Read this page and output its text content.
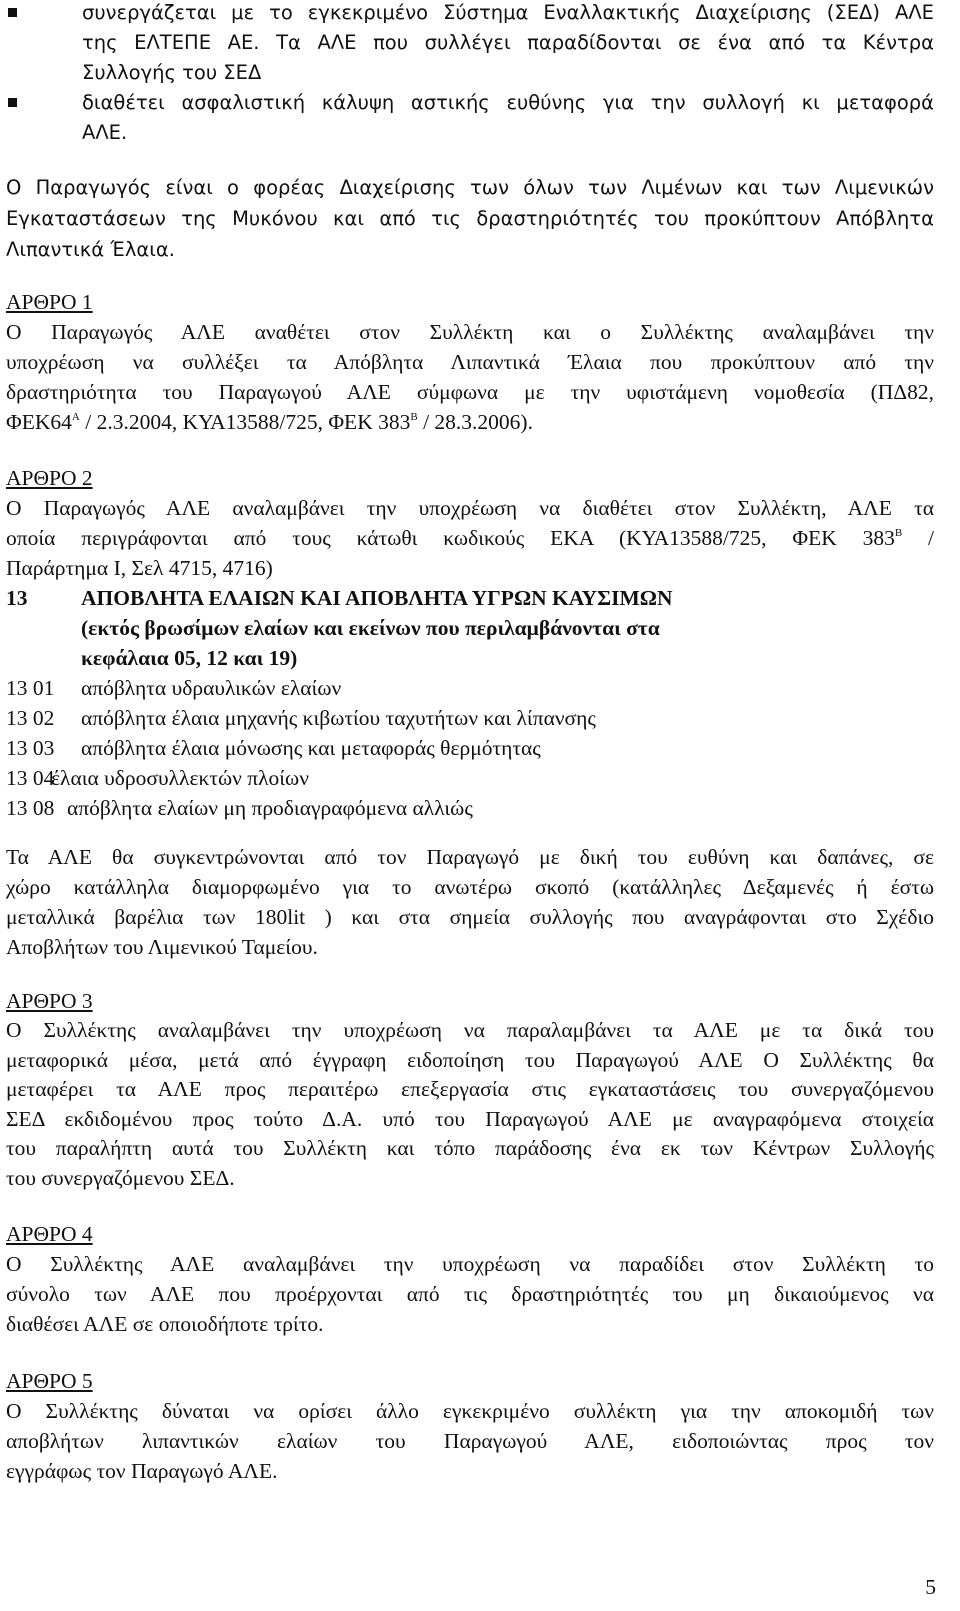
συνεργάζεται με το εγκεκριμένο Σύστημα Εναλλακτικής Διαχείρισης (ΣΕΔ) ΑΛΕ

της ΕΛΤΕΠΕ ΑΕ. Τα ΑΛΕ που συλλέγει παραδίδονται σε ένα από τα Κέντρα

Συλλογής του ΣΕΔ

διαθέτει ασφαλιστική κάλυψη αστικής ευθύνης για την συλλογή κι μεταφορά

ΑΛΕ.

Ο Παραγωγός είναι ο φορέας Διαχείρισης των όλων των Λιμένων και των Λιμενικών

Εγκαταστάσεων της Μυκόνου και από τις δραστηριότητές του προκύπτουν Απόβλητα

Λιπαντικά Έλαια.

ΑΡΘΡΟ 1

Ο Παραγωγός ΑΛΕ αναθέτει στον Συλλέκτη και ο Συλλέκτης αναλαμβάνει την

υποχρέωση να συλλέξει τα Απόβλητα Λιπαντικά Έλαια που προκύπτουν από την

δραστηριότητα του Παραγωγού ΑΛΕ σύμφωνα με την υφιστάμενη νομοθεσία (ΠΔ82,

$\Phi EK64^A / 2.3.2004$, ΚΥΑ13588/725, ΦΕΚ $383^B / 28.3.2006$).

ΑΡΘΡΟ 2

Ο Παραγωγός ΑΛΕ αναλαμβάνει την υποχρέωση να διαθέτει στον Συλλέκτη, ΑΛΕ τα

οποία περιγράφονται από τους κάτωθι κωδικούς ΕΚΑ (ΚΥΑ13588/725, ΦΕΚ $383^B$ /

Παράρτημα Ι, Σελ 4715, 4716)

13 ΑΠΟΒΛΗΤΑ ΕΛΑΙΩΝ ΚΑΙ ΑΠΟΒΛΗΤΑ ΥΓΡΩΝ ΚΑΥΣΙΜΩΝ
(εκτός βρωσίμων ελαίων και εκείνων που περιλαμβάνονται στα
κεφάλαια 05, 12 και 19)
13 01 απόβλητα υδραυλικών ελαίων
13 02 απόβλητα έλαια μηχανής κιβωτίου ταχυτήτων και λίπανσης
13 03 απόβλητα έλαια μόνωσης και μεταφοράς θερμότητας
13 04
έλαια υδροσυλλεκτών πλοίων
13 08 απόβλητα ελαίων μη προδιαγραφόμενα αλλιώς

Τα ΑΛΕ θα συγκεντρώνονται από τον Παραγωγό με δική του ευθύνη και δαπάνες, σε

χώρο κατάλληλα διαμορφωμένο για το ανωτέρω σκοπό (κατάλληλες Δεξαμενές ή έστω

μεταλλικά βαρέλια των 180lit ) και στα σημεία συλλογής που αναγράφονται στο Σχέδιο

Αποβλήτων του Λιμενικού Ταμείου.

ΑΡΘΡΟ 3

Ο Συλλέκτης αναλαμβάνει την υποχρέωση να παραλαμβάνει τα ΑΛΕ με τα δικά του

μεταφορικά μέσα, μετά από έγγραφη ειδοποίηση του Παραγωγού ΑΛΕ Ο Συλλέκτης θα

μεταφέρει τα ΑΛΕ προς περαιτέρω επεξεργασία στις εγκαταστάσεις του συνεργαζόμενου

ΣΕΔ εκδιδομένου προς τούτο Δ.Α. υπό του Παραγωγού ΑΛΕ με αναγραφόμενα στοιχεία

του παραλήπτη αυτά του Συλλέκτη και τόπο παράδοσης ένα εκ των Κέντρων Συλλογής

του συνεργαζόμενου ΣΕΔ.

ΑΡΘΡΟ 4

Ο Συλλέκτης ΑΛΕ αναλαμβάνει την υποχρέωση να παραδίδει στον Συλλέκτη το

σύνολο των ΑΛΕ που προέρχονται από τις δραστηριότητές του μη δικαιούμενος να

διαθέσει ΑΛΕ σε οποιοδήποτε τρίτο.

ΑΡΘΡΟ 5

Ο Συλλέκτης δύναται να ορίσει άλλο εγκεκριμένο συλλέκτη για την αποκομιδή των

αποβλήτων λιπαντικών ελαίων του Παραγωγού ΑΛΕ, ειδοποιώντας προς τον

εγγράφως τον Παραγωγό ΑΛΕ.

5
